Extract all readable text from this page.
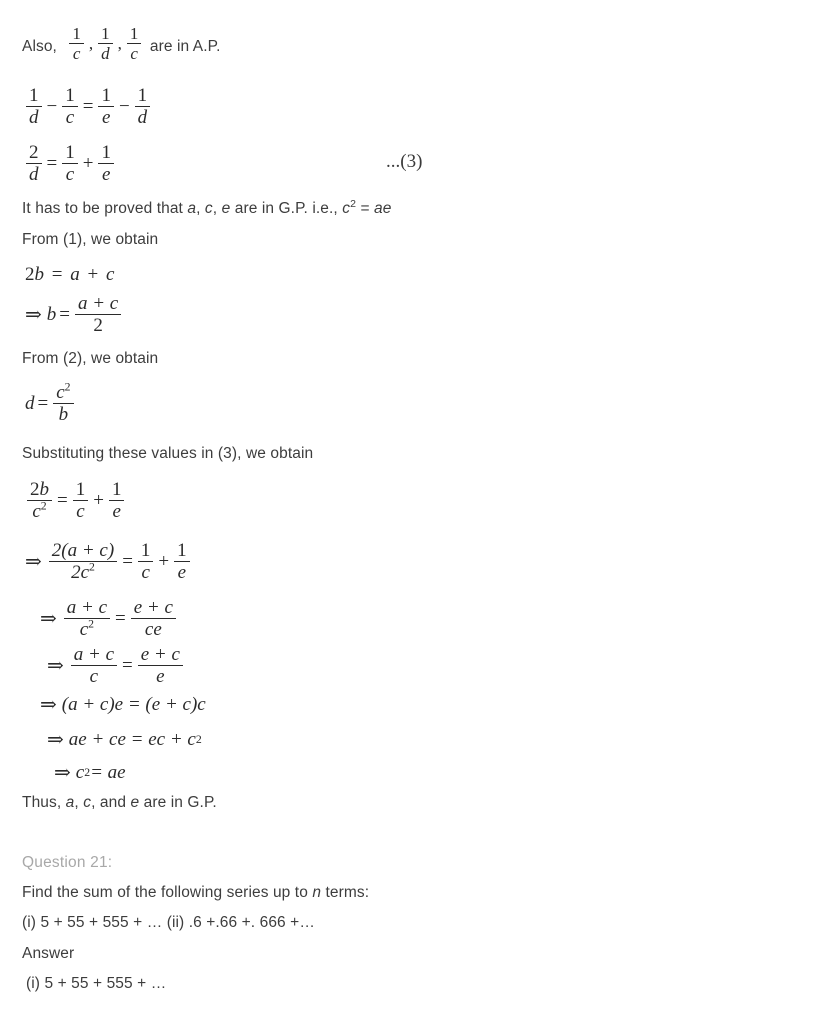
Also, $\frac{1}{c}$ , $\frac{1}{d}$ , $\frac{1}{c}$ are in A.P.
$\frac{1}{d} - \frac{1}{c} = \frac{1}{e} - \frac{1}{d}$
$\frac{2}{d} = \frac{1}{c} + \frac{1}{e}$	...(3)
It has to be proved that a, c, e are in G.P. i.e., $c^2$ = ae
From (1), we obtain
2b = a + c
⇒ $b = \frac{a + c}{2}$
From (2), we obtain
$d = \frac{c^2}{b}$
Substituting these values in (3), we obtain
$\frac{2b}{c^2} = \frac{1}{c} + \frac{1}{e}$
⇒ $\frac{2(a + c)}{2c^2} = \frac{1}{c} + \frac{1}{e}$
⇒ $\frac{a + c}{c^2} = \frac{e + c}{ce}$
⇒ $\frac{a + c}{c} = \frac{e + c}{e}$
⇒ (a + c)e = (e + c)c
⇒ ae + ce = ec + c 2
⇒ c 2 = ae
Thus, a, c, and e are in G.P.
Question 21:
Find the sum of the following series up to n terms:
(i) 5 + 55 + 555 + … (ii) .6 +.66 +. 666 +…
Answer
(i) 5 + 55 + 555 + …
